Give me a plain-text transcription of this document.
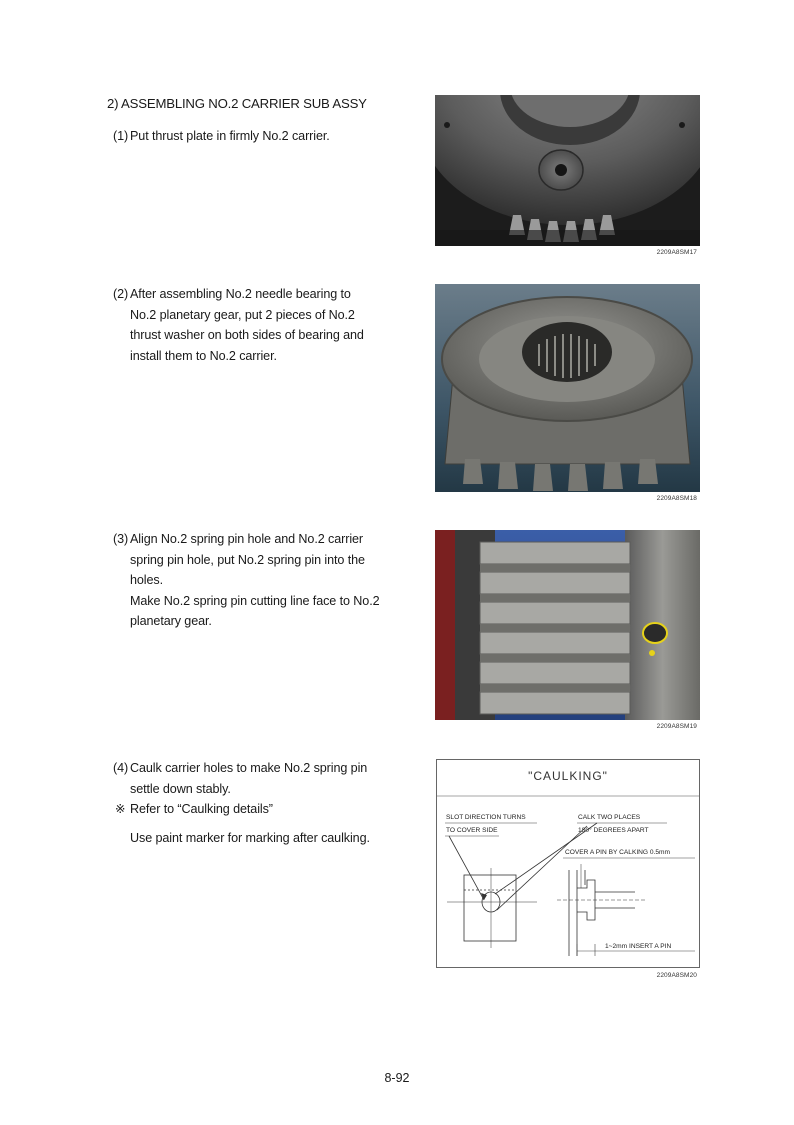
2) ASSEMBLING NO.2 CARRIER SUB ASSY
(1) Put thrust plate in firmly No.2 carrier.
2209A8SM17
(2) After assembling No.2 needle bearing to
No.2 planetary gear, put 2 pieces of No.2
thrust washer on both sides of bearing and
install them to No.2 carrier.
2209A8SM18
(3) Align No.2 spring pin hole and No.2 carrier
spring pin hole, put No.2 spring pin into the
holes.
Make No.2 spring pin cutting line face to No.2
planetary gear.
2209A8SM19
(4) Caulk carrier holes to make No.2 spring pin
settle down stably.
※ Refer to “Caulking details”
Use paint marker for marking after caulking.
"CAULKING"
SLOT DIRECTION TURNS
TO COVER SIDE
CALK TWO PLACES
180° DEGREES APART
COVER A PIN BY CALKING 0.5mm
1~2mm INSERT A PIN
2209A8SM20
8-92
